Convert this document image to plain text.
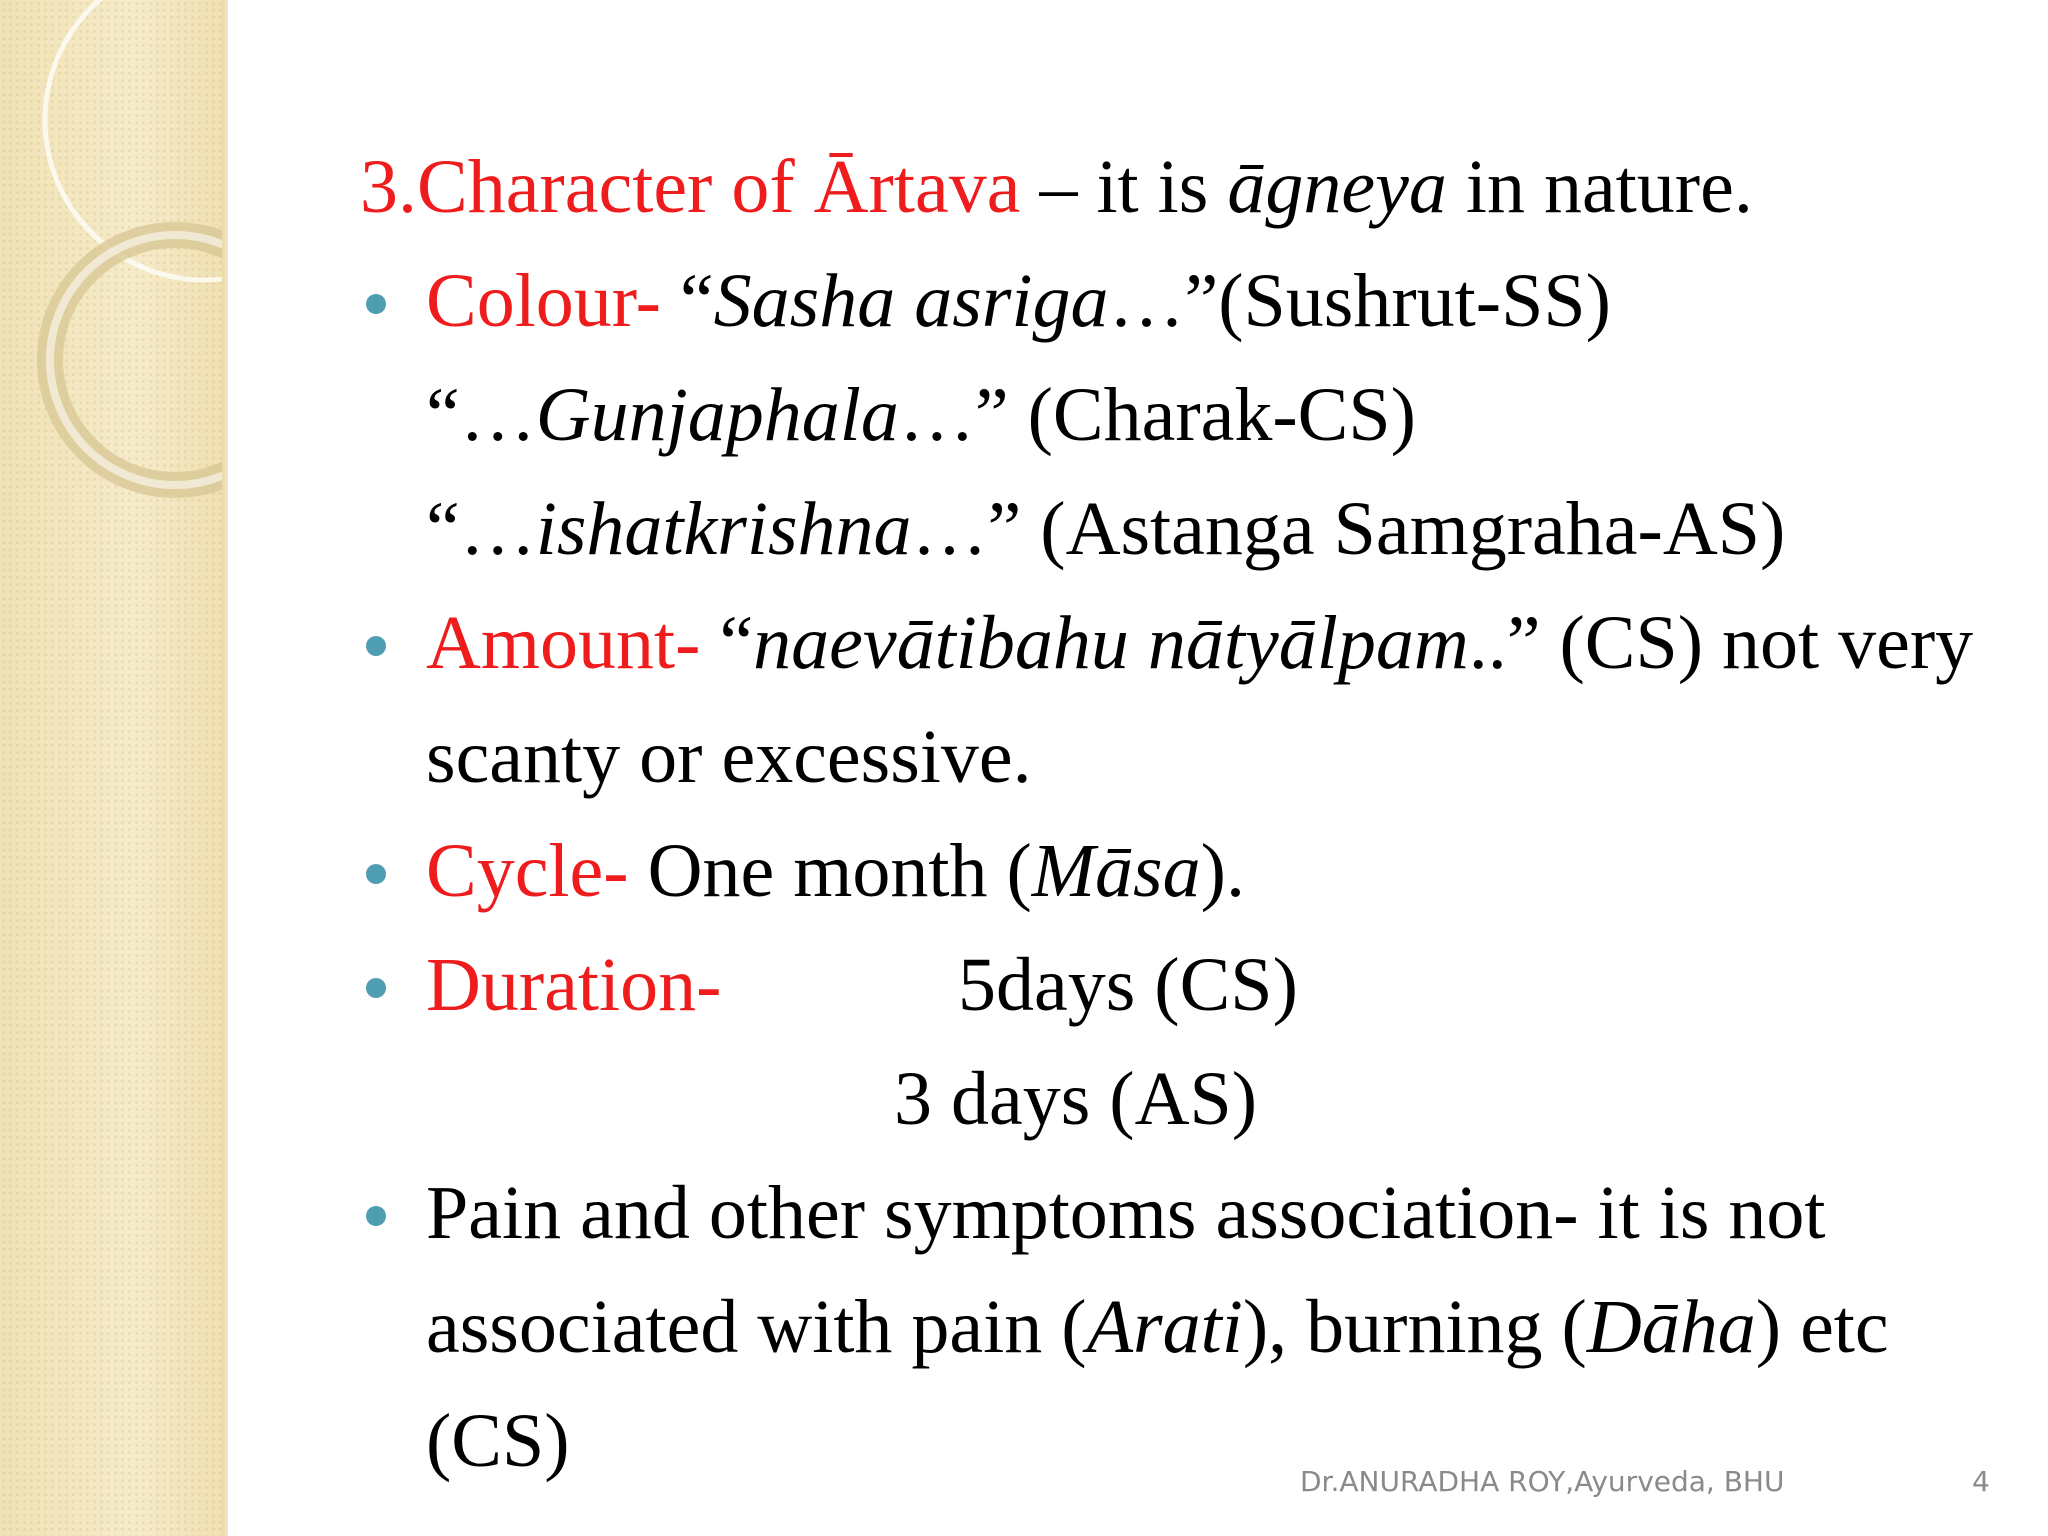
3.Character of Ārtava – it is āgneya in nature.
Colour- “Sasha asriga…”(Sushrut-SS)
“…Gunjaphala…” (Charak-CS)
“…ishatkrishna…” (Astanga Samgraha-AS)
Amount- “naevātibahu nātyālpam..” (CS) not very scanty or excessive.
Cycle- One month (Māsa).
Duration-	5days (CS)
3 days (AS)
Pain and other symptoms association- it is not associated with pain (Arati), burning (Dāha) etc (CS)	Dr.ANURADHA ROY,Ayurveda, BHU	4
